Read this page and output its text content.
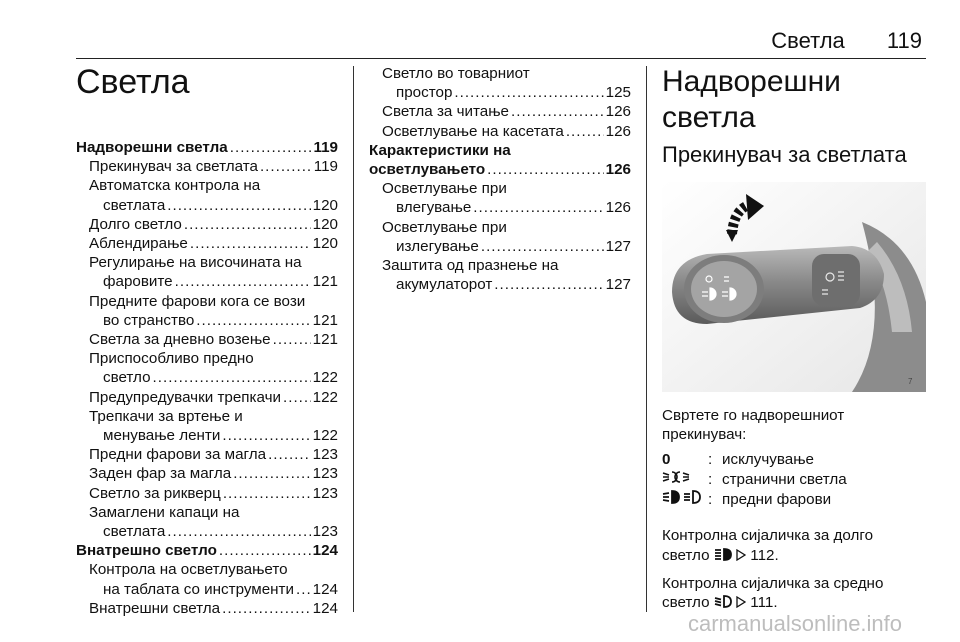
Светла 119
Светла
Надворешни светла .....	119
Прекинувач за светлата .....	119
Автоматска контрола на
светлата .....	120
Долго светло .....	120
Аблендирање .....	120
Регулирање на височината на
фаровите .....	121
Предните фарови кога се вози
во странство .....	121
Светла за дневно возење .....	121
Приспособливо предно
светло .....	122
Предупредувачки трепкачи ..... 122
Трепкачи за вртење и
менување ленти .....	122
Предни фарови за магла .....	123
Заден фар за магла .....	123
Светло за рикверц .....	123
Замаглени капаци на
светлата .....	123
Внатрешно светло .....	124
Контрола на осветлувањето
на таблата со инструменти ..... 124
Внатрешни светла .....	124
Светло во товарниот
простор .....	125
Светла за читање .....	126
Осветлување на касетата .....	126
Карактеристики на
осветлувањето .....	126
Осветлување при
влегување .....	126
Осветлување при
излегување .....	127
Заштита од празнење на
акумулаторот .....	127
Надворешни светла
Прекинувач за светлата
7

Свртете го надворешниот

прекинувач:

0	: исклучување
: странични светла
: предни фарови

Контролна сијаличка за долго

светло	112.

Контролна сијаличка за средно

светло	111.

carmanualsonline.info
